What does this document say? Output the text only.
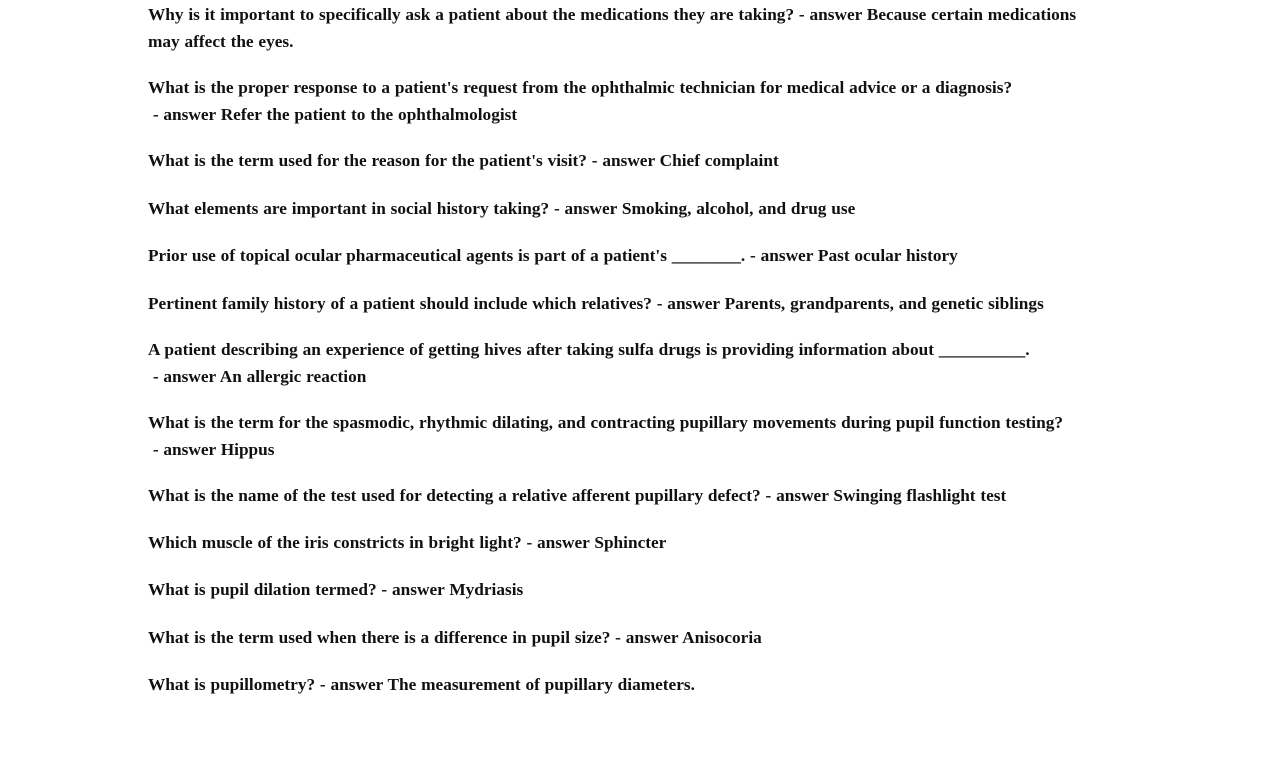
Why is it important to specifically ask a patient about the medications they are taking? - answer Because certain medications may affect the eyes.
What is the proper response to a patient's request from the ophthalmic technician for medical advice or a diagnosis? - answer Refer the patient to the ophthalmologist
What is the term used for the reason for the patient's visit? - answer Chief complaint
What elements are important in social history taking? - answer Smoking, alcohol, and drug use
Prior use of topical ocular pharmaceutical agents is part of a patient's ________. - answer Past ocular history
Pertinent family history of a patient should include which relatives? - answer Parents, grandparents, and genetic siblings
A patient describing an experience of getting hives after taking sulfa drugs is providing information about __________. - answer An allergic reaction
What is the term for the spasmodic, rhythmic dilating, and contracting pupillary movements during pupil function testing? - answer Hippus
What is the name of the test used for detecting a relative afferent pupillary defect? - answer Swinging flashlight test
Which muscle of the iris constricts in bright light? - answer Sphincter
What is pupil dilation termed? - answer Mydriasis
What is the term used when there is a difference in pupil size? - answer Anisocoria
What is pupillometry? - answer The measurement of pupillary diameters.
